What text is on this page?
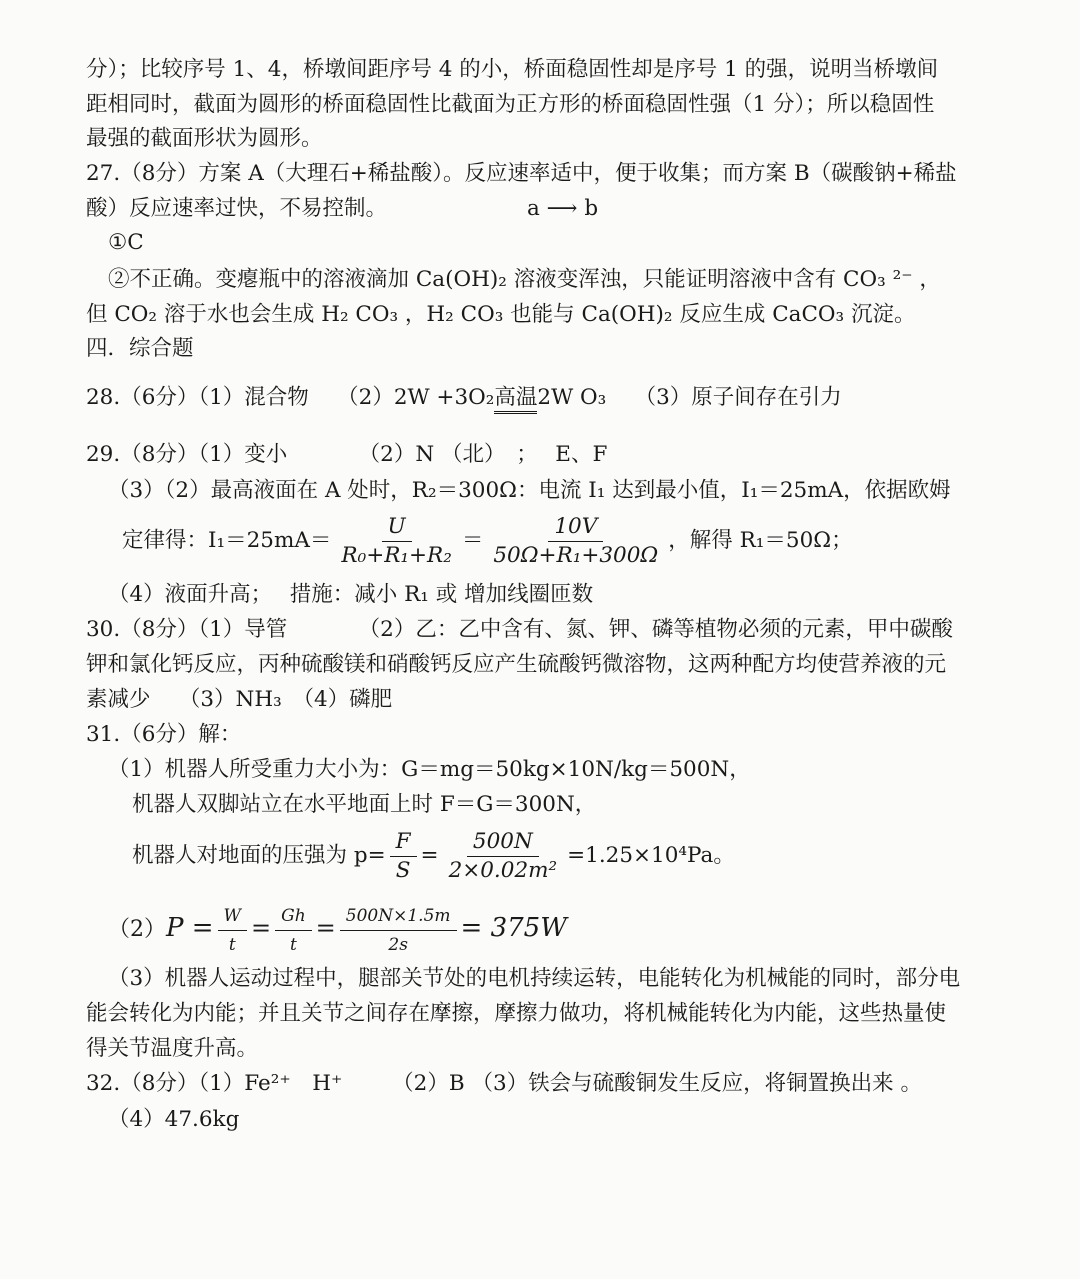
分）；比较序号 1、4，桥墩间距序号 4 的小，桥面稳固性却是序号 1 的强，说明当桥墩间
距相同时，截面为圆形的桥面稳固性比截面为正方形的桥面稳固性强（1 分）；所以稳固性
最强的截面形状为圆形。
27.（8分）方案 A（大理石+稀盐酸）。反应速率适中，便于收集；而方案 B（碳酸钠+稀盐
酸）反应速率过快，不易控制。	a ⟶ b
①C
②不正确。变瘪瓶中的溶液滴加 Ca(OH)₂ 溶液变浑浊，只能证明溶液中含有 CO₃ ²⁻ ，
但 CO₂ 溶于水也会生成 H₂ CO₃ ，H₂ CO₃ 也能与 Ca(OH)₂ 反应生成 CaCO₃ 沉淀。
四．综合题
28.（6分）（1）混合物　 （2）2W +3O₂高温2W O₃　 （3）原子间存在引力
29.（8分）（1）变小　　　 （2）N （北）　；　 E、F
（3）（2）最高液面在 A 处时，R₂＝300Ω：电流 I₁ 达到最小值，I₁＝25mA，依据欧姆
定律得：$I_1=25mA= \frac{U}{\text{R₀+R₁+R₂}} = \frac{10V}{\text{50Ω+R₁+300Ω}}$ ，解得 R₁＝50Ω；
（4）液面升高；　 措施：减小 R₁ 或 增加线圈匝数
30.（8分）（1）导管　　　 （2）乙：乙中含有、氮、钾、磷等植物必须的元素，甲中碳酸
钾和氯化钙反应，丙种硫酸镁和硝酸钙反应产生硫酸钙微溶物，这两种配方均使营养液的元
素减少　 （3）NH₃　（4）磷肥
31.（6分）解：
（1）机器人所受重力大小为：G＝mg＝50kg×10N/kg＝500N，
机器人双脚站立在水平地面上时 F＝G＝300N，
机器人对地面的压强为 $p= \frac{F}{S} = \frac{500N}{\text{2×0.02m²}} =1.25\times 10^4Pa$。
$(2)P = \frac{W}{t} = \frac{Gh}{t} = \frac{500N\times 1.5m}{2s} = 375W$
（3）机器人运动过程中，腿部关节处的电机持续运转，电能转化为机械能的同时，部分电
能会转化为内能；并且关节之间存在摩擦，摩擦力做功，将机械能转化为内能，这些热量使
得关节温度升高。
32.（8分）（1）Fe²⁺　H⁺　　 （2）B （3）铁会与硫酸铜发生反应，将铜置换出来 。
（4）47.6kg
